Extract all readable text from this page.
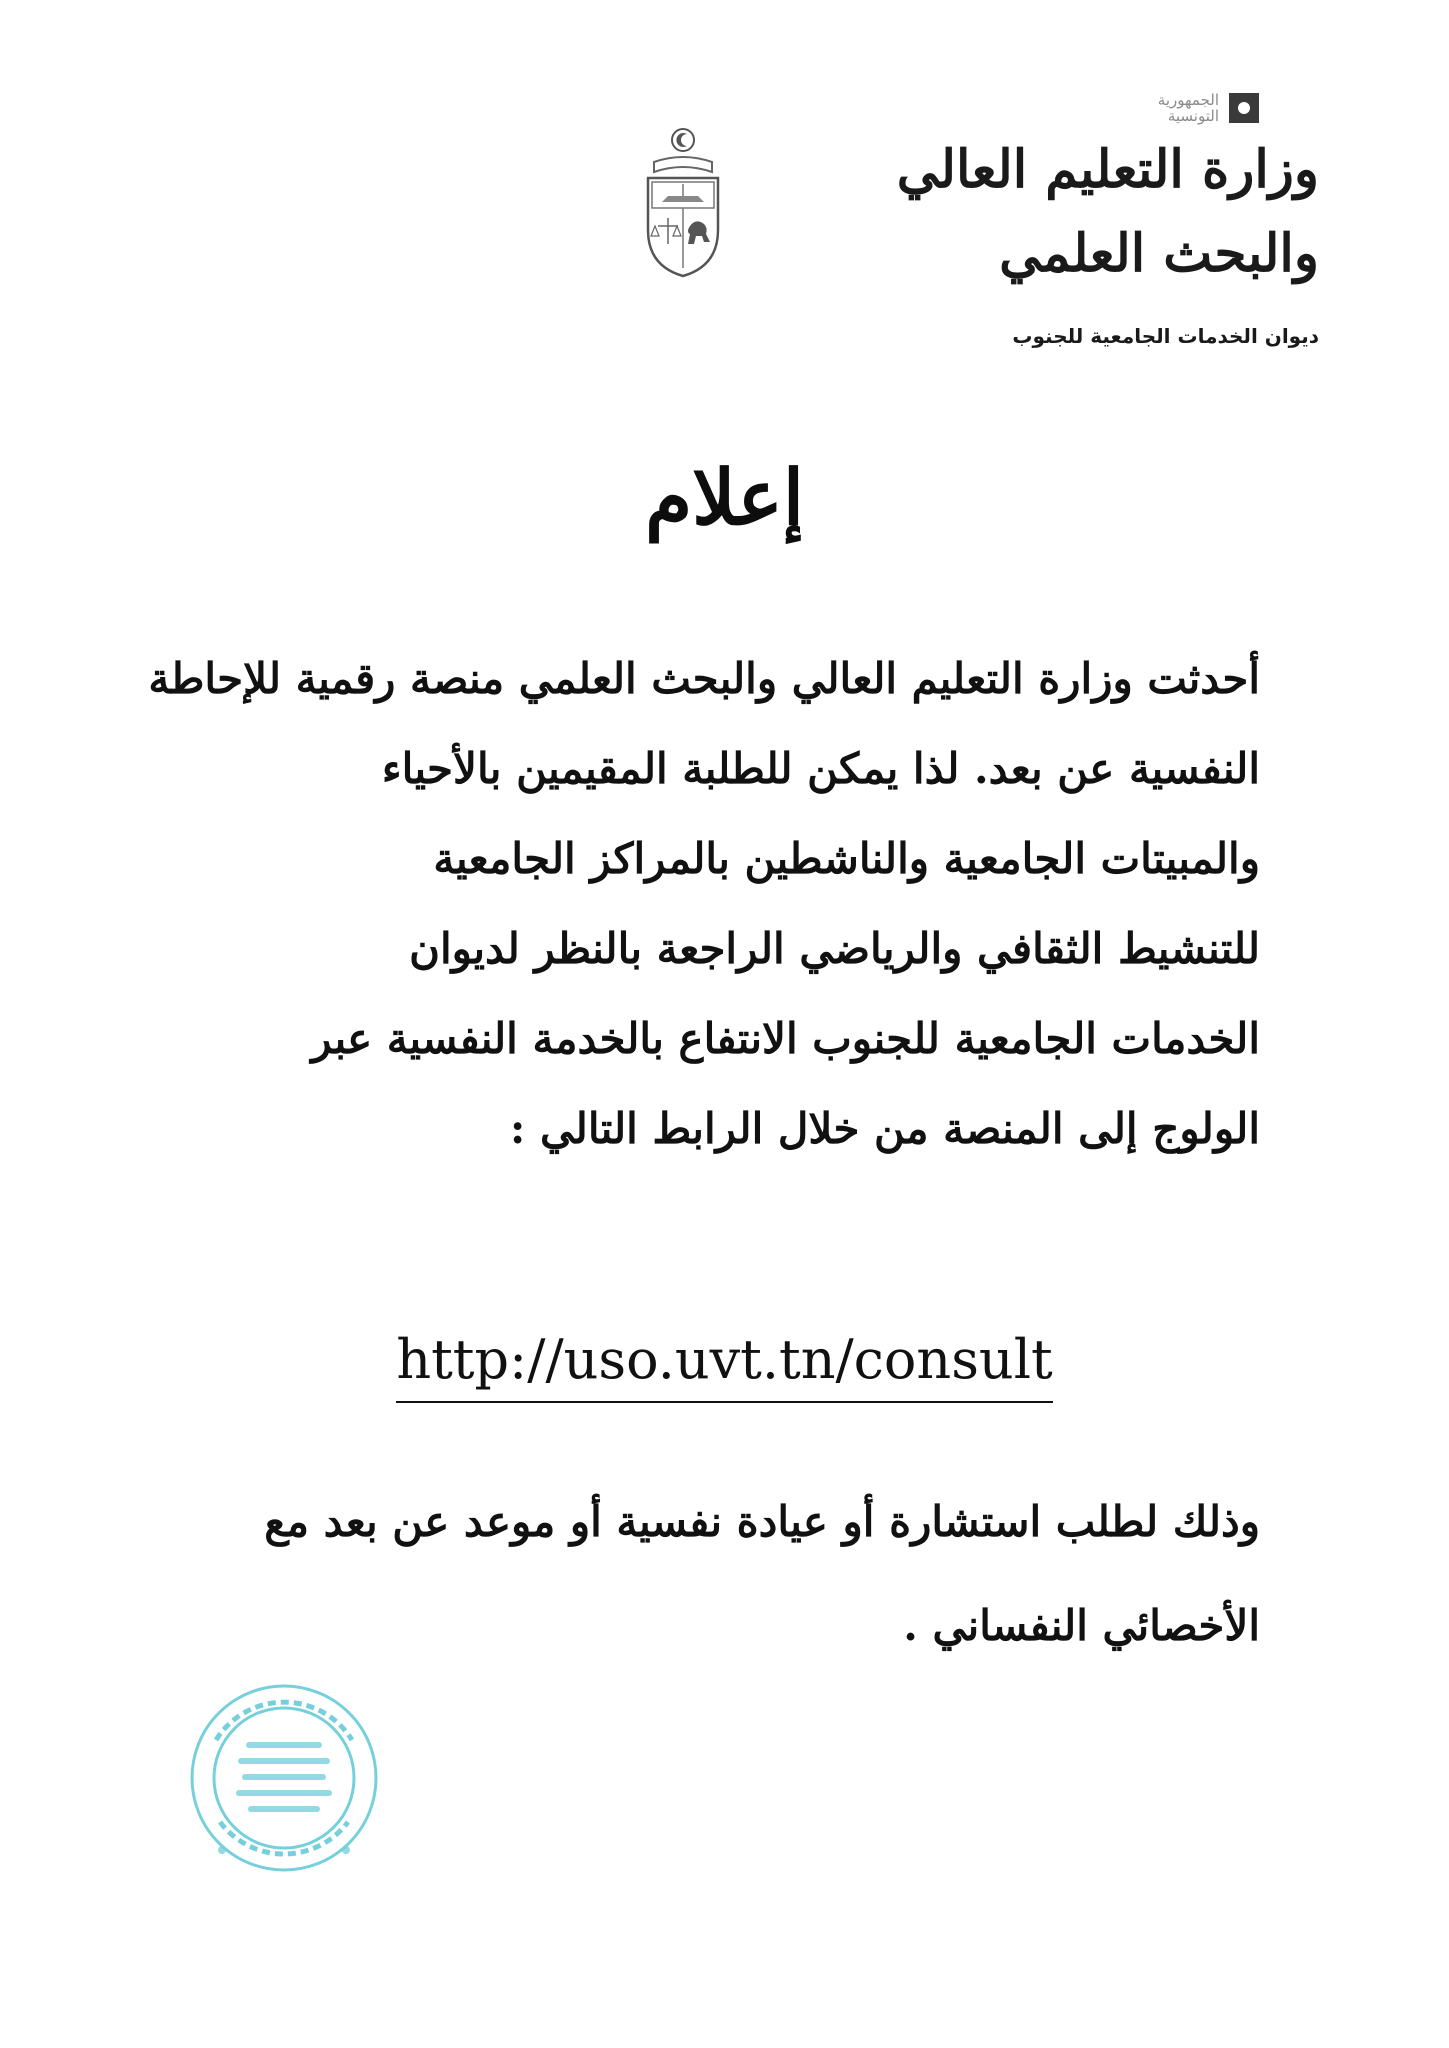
الجمهورية التونسية
وزارة التعليم العالي
والبحث العلمي
ديوان الخدمات الجامعية للجنوب
إعلام
أحدثت وزارة التعليم العالي والبحث العلمي منصة رقمية للإحاطة
النفسية عن بعد. لذا يمكن للطلبة المقيمين بالأحياء
والمبيتات الجامعية والناشطين بالمراكز الجامعية
للتنشيط الثقافي والرياضي الراجعة بالنظر لديوان
الخدمات الجامعية للجنوب الانتفاع بالخدمة النفسية عبر
الولوج إلى المنصة من خلال الرابط التالي :
http://uso.uvt.tn/consult
وذلك لطلب استشارة أو عيادة نفسية أو موعد عن بعد مع
الأخصائي النفساني .
